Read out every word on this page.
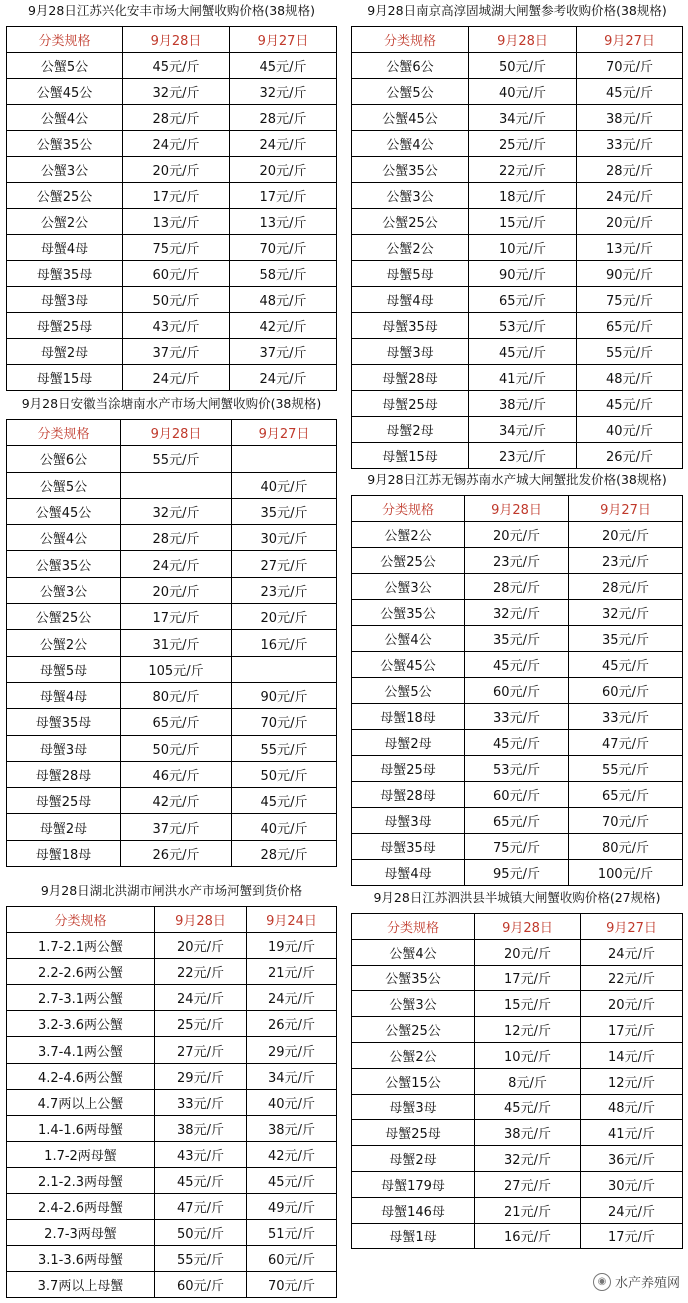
9月28日江苏兴化安丰市场大闸蟹收购价格(38规格)
分类规格	9月28日	9月27日
公蟹5公	45元/斤	45元/斤
公蟹45公	32元/斤	32元/斤
公蟹4公	28元/斤	28元/斤
公蟹35公	24元/斤	24元/斤
公蟹3公	20元/斤	20元/斤
公蟹25公	17元/斤	17元/斤
公蟹2公	13元/斤	13元/斤
母蟹4母	75元/斤	70元/斤
母蟹35母	60元/斤	58元/斤
母蟹3母	50元/斤	48元/斤
母蟹25母	43元/斤	42元/斤
母蟹2母	37元/斤	37元/斤
母蟹15母	24元/斤	24元/斤
9月28日安徽当涂塘南水产市场大闸蟹收购价(38规格)
分类规格	9月28日	9月27日
公蟹6公	55元/斤	
公蟹5公		40元/斤
公蟹45公	32元/斤	35元/斤
公蟹4公	28元/斤	30元/斤
公蟹35公	24元/斤	27元/斤
公蟹3公	20元/斤	23元/斤
公蟹25公	17元/斤	20元/斤
公蟹2公	31元/斤	16元/斤
母蟹5母	105元/斤	
母蟹4母	80元/斤	90元/斤
母蟹35母	65元/斤	70元/斤
母蟹3母	50元/斤	55元/斤
母蟹28母	46元/斤	50元/斤
母蟹25母	42元/斤	45元/斤
母蟹2母	37元/斤	40元/斤
母蟹18母	26元/斤	28元/斤
9月28日湖北洪湖市闸洪水产市场河蟹到货价格
分类规格	9月28日	9月24日
1.7-2.1两公蟹	20元/斤	19元/斤
2.2-2.6两公蟹	22元/斤	21元/斤
2.7-3.1两公蟹	24元/斤	24元/斤
3.2-3.6两公蟹	25元/斤	26元/斤
3.7-4.1两公蟹	27元/斤	29元/斤
4.2-4.6两公蟹	29元/斤	34元/斤
4.7两以上公蟹	33元/斤	40元/斤
1.4-1.6两母蟹	38元/斤	38元/斤
1.7-2两母蟹	43元/斤	42元/斤
2.1-2.3两母蟹	45元/斤	45元/斤
2.4-2.6两母蟹	47元/斤	49元/斤
2.7-3两母蟹	50元/斤	51元/斤
3.1-3.6两母蟹	55元/斤	60元/斤
3.7两以上母蟹	60元/斤	70元/斤
9月28日南京高淳固城湖大闸蟹参考收购价格(38规格)
分类规格	9月28日	9月27日
公蟹6公	50元/斤	70元/斤
公蟹5公	40元/斤	45元/斤
公蟹45公	34元/斤	38元/斤
公蟹4公	25元/斤	33元/斤
公蟹35公	22元/斤	28元/斤
公蟹3公	18元/斤	24元/斤
公蟹25公	15元/斤	20元/斤
公蟹2公	10元/斤	13元/斤
母蟹5母	90元/斤	90元/斤
母蟹4母	65元/斤	75元/斤
母蟹35母	53元/斤	65元/斤
母蟹3母	45元/斤	55元/斤
母蟹28母	41元/斤	48元/斤
母蟹25母	38元/斤	45元/斤
母蟹2母	34元/斤	40元/斤
母蟹15母	23元/斤	26元/斤
9月28日江苏无锡苏南水产城大闸蟹批发价格(38规格)
分类规格	9月28日	9月27日
公蟹2公	20元/斤	20元/斤
公蟹25公	23元/斤	23元/斤
公蟹3公	28元/斤	28元/斤
公蟹35公	32元/斤	32元/斤
公蟹4公	35元/斤	35元/斤
公蟹45公	45元/斤	45元/斤
公蟹5公	60元/斤	60元/斤
母蟹18母	33元/斤	33元/斤
母蟹2母	45元/斤	47元/斤
母蟹25母	53元/斤	55元/斤
母蟹28母	60元/斤	65元/斤
母蟹3母	65元/斤	70元/斤
母蟹35母	75元/斤	80元/斤
母蟹4母	95元/斤	100元/斤
9月28日江苏泗洪县半城镇大闸蟹收购价格(27规格)
分类规格	9月28日	9月27日
公蟹4公	20元/斤	24元/斤
公蟹35公	17元/斤	22元/斤
公蟹3公	15元/斤	20元/斤
公蟹25公	12元/斤	17元/斤
公蟹2公	10元/斤	14元/斤
公蟹15公	8元/斤	12元/斤
母蟹3母	45元/斤	48元/斤
母蟹25母	38元/斤	41元/斤
母蟹2母	32元/斤	36元/斤
母蟹179母	27元/斤	30元/斤
母蟹146母	21元/斤	24元/斤
母蟹1母	16元/斤	17元/斤
◉ 水产养殖网
